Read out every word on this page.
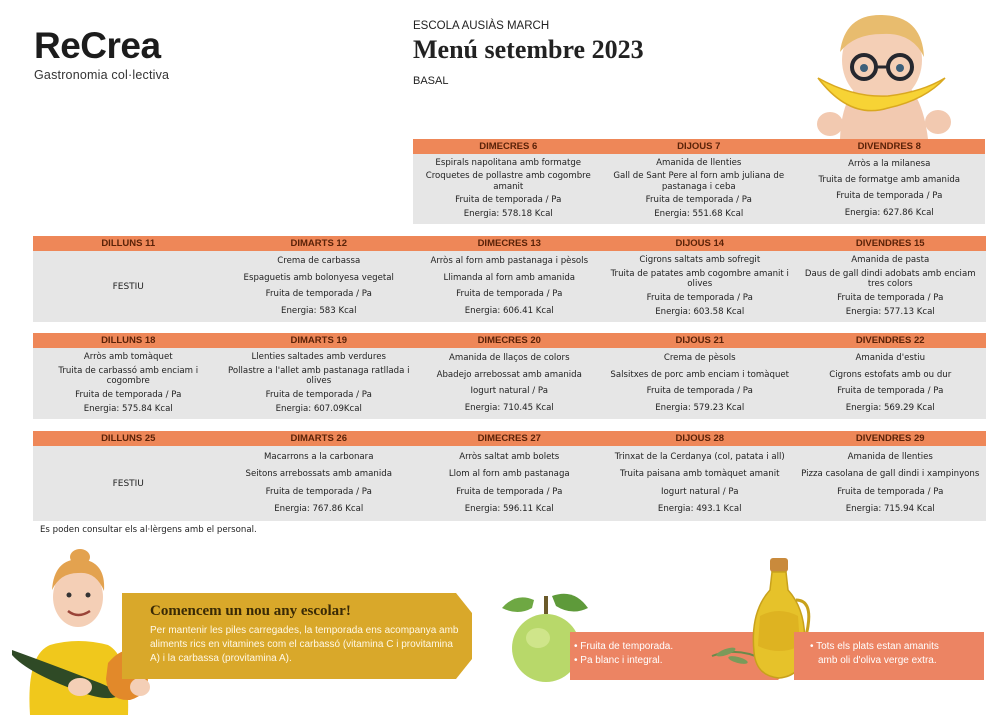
ReCrea
Gastronomia col·lectiva
ESCOLA AUSIÀS MARCH
Menú setembre 2023
BASAL
DIMECRES 6
Espirals napolitana amb formatge
Croquetes de pollastre amb cogombre amanit
Fruita de temporada / Pa
Energia: 578.18 Kcal
DIJOUS 7
Amanida de llenties
Gall de Sant Pere al forn amb juliana de pastanaga i ceba
Fruita de temporada / Pa
Energia: 551.68 Kcal
DIVENDRES 8
Arròs a la milanesa
Truita de formatge amb amanida
Fruita de temporada / Pa
Energia: 627.86 Kcal
DILLUNS 11
FESTIU
DIMARTS 12
Crema de carbassa
Espaguetis amb bolonyesa vegetal
Fruita de temporada / Pa
Energia: 583 Kcal
DIMECRES 13
Arròs al forn amb pastanaga i pèsols
Llimanda al forn amb amanida
Fruita de temporada / Pa
Energia: 606.41 Kcal
DIJOUS 14
Cigrons saltats amb sofregit
Truita de patates amb cogombre amanit i olives
Fruita de temporada / Pa
Energia: 603.58 Kcal
DIVENDRES 15
Amanida de pasta
Daus de gall dindi adobats amb enciam tres colors
Fruita de temporada / Pa
Energia: 577.13 Kcal
DILLUNS 18
Arròs amb tomàquet
Truita de carbassó amb enciam i cogombre
Fruita de temporada / Pa
Energia: 575.84 Kcal
DIMARTS 19
Llenties saltades amb verdures
Pollastre a l'allet amb pastanaga ratllada i olives
Fruita de temporada / Pa
Energia: 607.09Kcal
DIMECRES 20
Amanida de llaços de colors
Abadejo arrebossat amb amanida
Iogurt natural / Pa
Energia: 710.45 Kcal
DIJOUS 21
Crema de pèsols
Salsitxes de porc amb enciam i tomàquet
Fruita de temporada / Pa
Energia: 579.23 Kcal
DIVENDRES 22
Amanida d'estiu
Cigrons estofats amb ou dur
Fruita de temporada / Pa
Energia: 569.29 Kcal
DILLUNS 25
FESTIU
DIMARTS 26
Macarrons a la carbonara
Seitons arrebossats amb amanida
Fruita de temporada / Pa
Energia: 767.86 Kcal
DIMECRES 27
Arròs saltat amb bolets
Llom al forn amb pastanaga
Fruita de temporada / Pa
Energia: 596.11 Kcal
DIJOUS 28
Trinxat de la Cerdanya (col, patata i all)
Truita paisana amb tomàquet amanit
Iogurt natural / Pa
Energia: 493.1 Kcal
DIVENDRES 29
Amanida de llenties
Pizza casolana de gall dindi i xampinyons
Fruita de temporada / Pa
Energia: 715.94 Kcal
Es poden consultar els al·lèrgens amb el personal.
Comencem un nou any escolar!
Per mantenir les piles carregades, la temporada ens acompanya amb aliments rics en vitamines com el carbassó (vitamina C i provitamina A) i la carbassa (provitamina A).
• Fruita de temporada.
• Pa blanc i integral.
• Tots els plats estan amanits
amb oli d'oliva verge extra.
